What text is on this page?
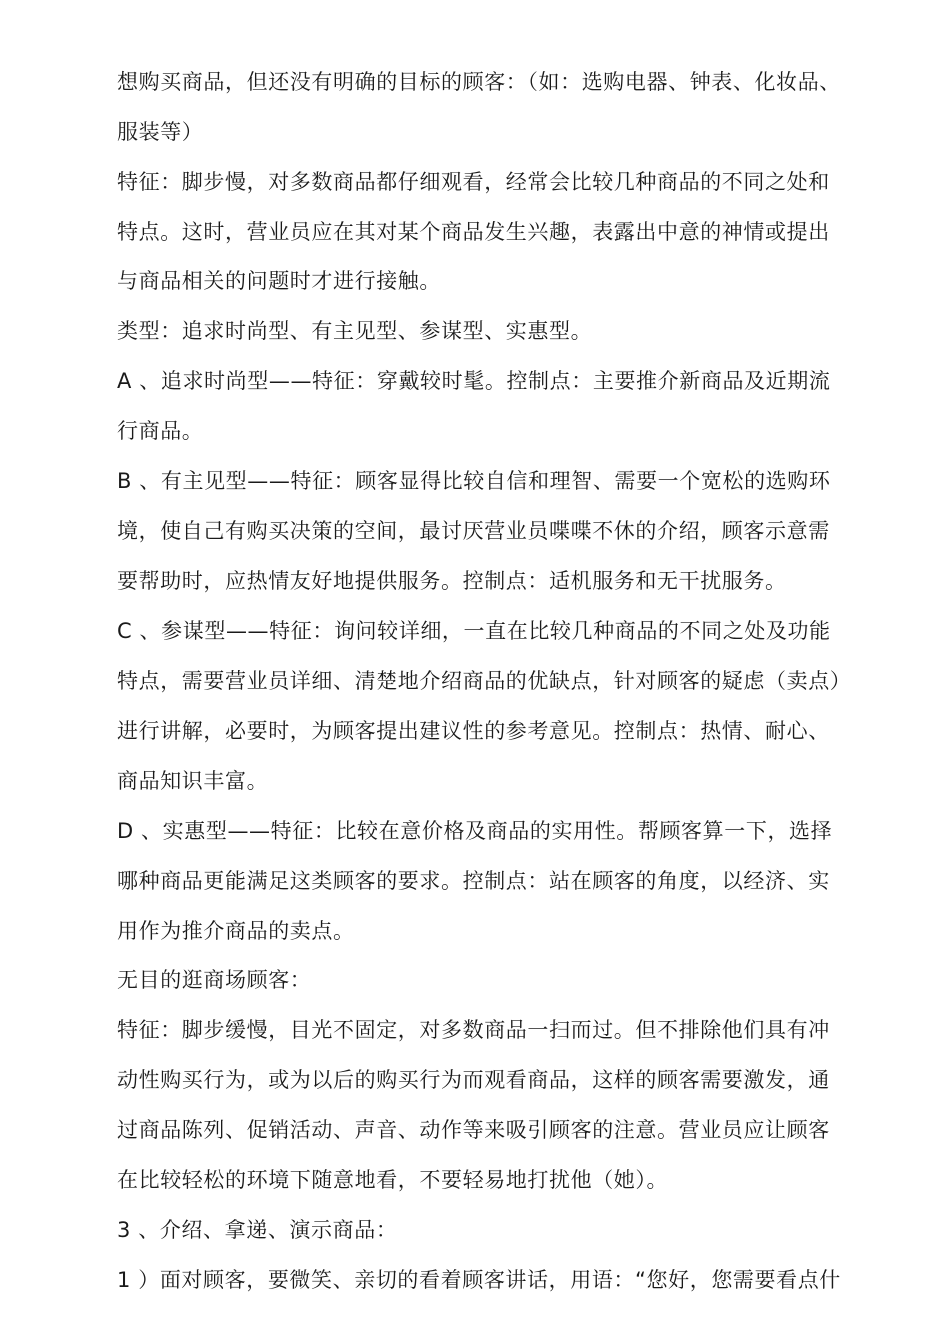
想购买商品，但还没有明确的目标的顾客：（如：选购电器、钟表、化妆品、
服装等）
特征：脚步慢，对多数商品都仔细观看，经常会比较几种商品的不同之处和
特点。这时，营业员应在其对某个商品发生兴趣，表露出中意的神情或提出
与商品相关的问题时才进行接触。
类型：追求时尚型、有主见型、参谋型、实惠型。
A 、追求时尚型——特征：穿戴较时髦。控制点：主要推介新商品及近期流
行商品。
B 、有主见型——特征：顾客显得比较自信和理智、需要一个宽松的选购环
境，使自己有购买决策的空间，最讨厌营业员喋喋不休的介绍，顾客示意需
要帮助时，应热情友好地提供服务。控制点：适机服务和无干扰服务。
C 、参谋型——特征：询问较详细，一直在比较几种商品的不同之处及功能
特点，需要营业员详细、清楚地介绍商品的优缺点，针对顾客的疑虑（卖点）
进行讲解，必要时，为顾客提出建议性的参考意见。控制点：热情、耐心、
商品知识丰富。
D 、实惠型——特征：比较在意价格及商品的实用性。帮顾客算一下，选择
哪种商品更能满足这类顾客的要求。控制点：站在顾客的角度，以经济、实
用作为推介商品的卖点。
无目的逛商场顾客：
特征：脚步缓慢，目光不固定，对多数商品一扫而过。但不排除他们具有冲
动性购买行为，或为以后的购买行为而观看商品，这样的顾客需要激发，通
过商品陈列、促销活动、声音、动作等来吸引顾客的注意。营业员应让顾客
在比较轻松的环境下随意地看，不要轻易地打扰他（她）。
3 、介绍、拿递、演示商品：
1 ）面对顾客，要微笑、亲切的看着顾客讲话，用语：“您好，您需要看点什
